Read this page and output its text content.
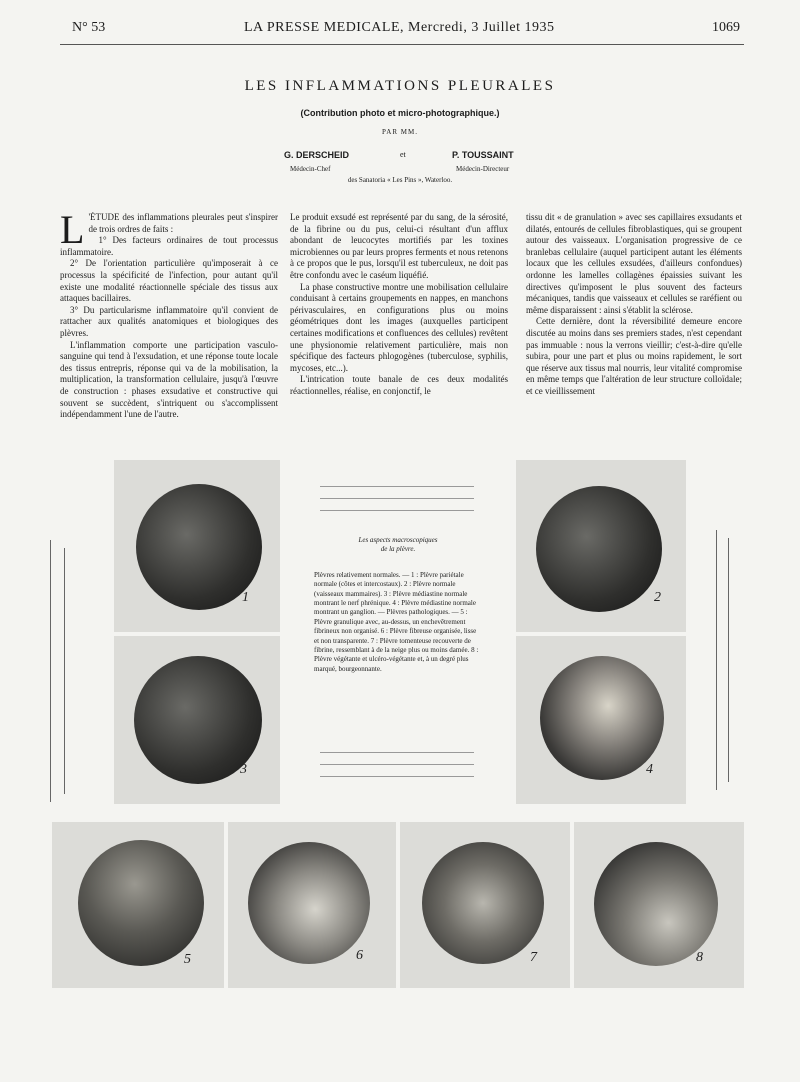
N° 53	LA PRESSE MEDICALE, Mercredi, 3 Juillet 1935	1069
LES INFLAMMATIONS PLEURALES
(Contribution photo et micro-photographique.)
PAR MM.
G. DERSCHEID	et	P. TOUSSAINT
Médecin-Chef	Médecin-Directeur
des Sanatoria « Les Pins », Waterloo.

L 'ÉTUDE des inflammations pleurales peut s'inspirer de trois ordres de faits :

1° Des facteurs ordinaires de tout processus inflammatoire.

2° De l'orientation particulière qu'imposerait à ce processus la spécificité de l'infection, pour autant qu'il existe une modalité réactionnelle spéciale des tissus aux attaques bacillaires.

3° Du particularisme inflammatoire qu'il convient de rattacher aux qualités anatomiques et biologiques des plèvres.

L'inflammation comporte une participation vasculo-sanguine qui tend à l'exsudation, et une réponse toute locale des tissus entrepris, réponse qui va de la mobilisation, la multiplication, la transformation cellulaire, jusqu'à l'œuvre de construction : phases exsudative et constructive qui souvent se succèdent, s'intriquent ou s'accomplissent indépendamment l'une de l'autre.

Le produit exsudé est représenté par du sang, de la sérosité, de la fibrine ou du pus, celui-ci résultant d'un afflux abondant de leucocytes mortifiés par les toxines microbiennes ou par leurs propres ferments et nous retenons à ce propos que le pus, lorsqu'il est tuberculeux, ne doit pas être confondu avec le caséum liquéfié.

La phase constructive montre une mobilisation cellulaire conduisant à certains groupements en nappes, en manchons périvasculaires, en configurations plus ou moins géométriques dont les images (auxquelles participent certaines modifications et confluences des cellules) revêtent une physionomie relativement particulière, mais non spécifique des facteurs phlogogènes (tuberculose, syphilis, mycoses, etc...).

L'intrication toute banale de ces deux modalités réactionnelles, réalise, en conjonctif, le

tissu dit « de granulation » avec ses capillaires exsudants et dilatés, entourés de cellules fibroblastiques, qui se groupent autour des vaisseaux. L'organisation progressive de ce branlebas cellulaire (auquel participent autant les éléments locaux que les cellules exsudées, d'ailleurs confondues) ordonne les lamelles collagènes épaissies suivant les directives qu'imposent le plus souvent des facteurs mécaniques, tandis que vaisseaux et cellules se raréfient ou même disparaissent : ainsi s'établit la sclérose.

Cette dernière, dont la réversibilité demeure encore discutée au moins dans ses premiers stades, n'est cependant pas immuable : nous la verrons vieillir; c'est-à-dire qu'elle subira, pour une part et plus ou moins rapidement, le sort que réserve aux tissus mal nourris, leur vitalité compromise en même temps que l'altération de leur structure colloïdale; et ce vieillissement

1
3
2
4
Les aspects macroscopiques
de la plèvre.
Plèvres relativement normales. — 1 : Plèvre pariétale normale (côtes et intercostaux). 2 : Plèvre normale (vaisseaux mammaires). 3 : Plèvre médiastine normale montrant le nerf phrénique. 4 : Plèvre médiastine normale montrant un ganglion. — Plèvres pathologiques. — 5 : Plèvre granulique avec, au-dessus, un enchevêtrement fibrineux non organisé. 6 : Plèvre fibreuse organisée, lisse et non transparente. 7 : Plèvre tomenteuse recouverte de fibrine, ressemblant à de la neige plus ou moins damée. 8 : Plèvre végétante et ulcéro-végétante et, à un degré plus marqué, bourgeonnante.
5	6	7	8
